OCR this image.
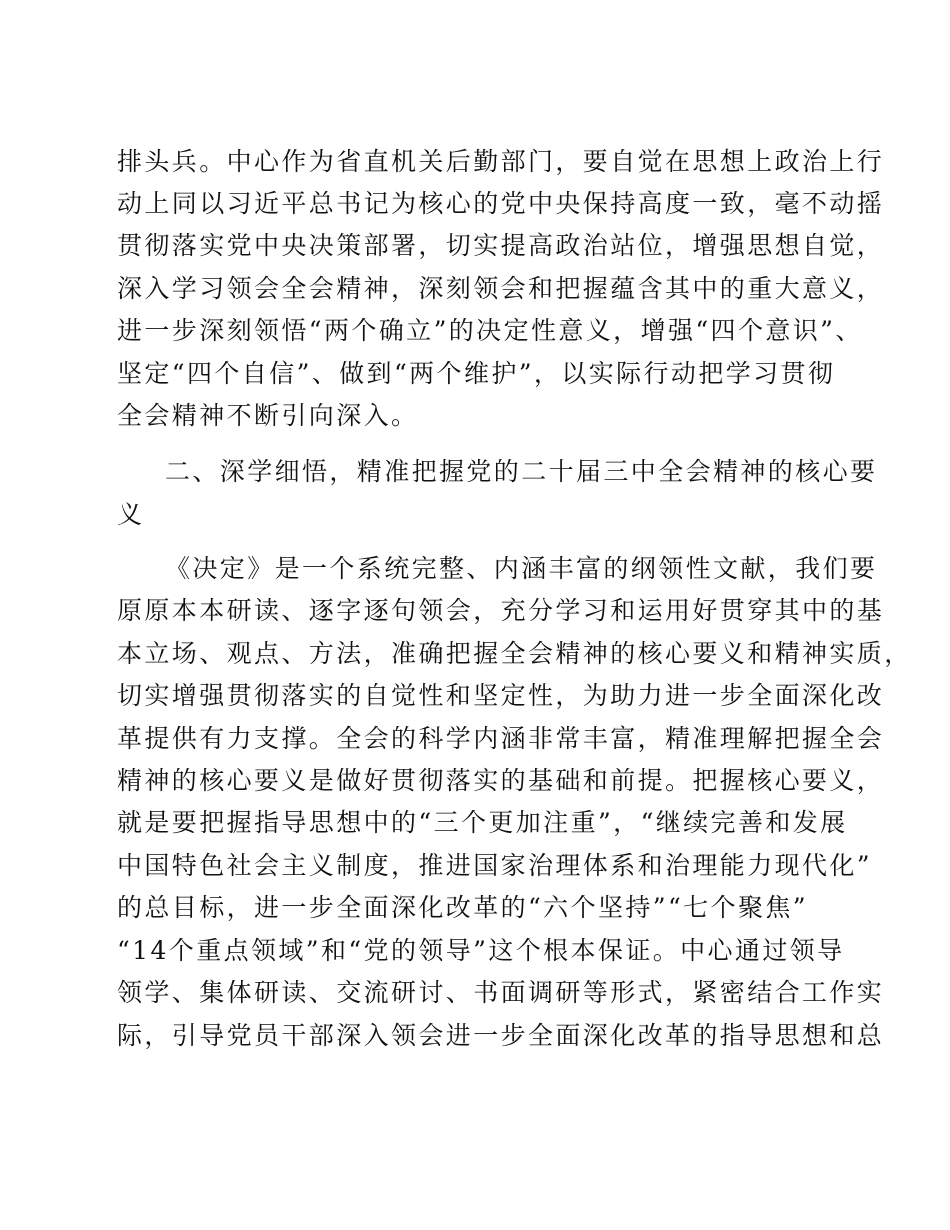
排头兵。中心作为省直机关后勤部门，要自觉在思想上政治上行
动上同以习近平总书记为核心的党中央保持高度一致，毫不动摇
贯彻落实党中央决策部署，切实提高政治站位，增强思想自觉，
深入学习领会全会精神，深刻领会和把握蕴含其中的重大意义，
进一步深刻领悟“两个确立”的决定性意义，增强“四个意识”、
坚定“四个自信”、做到“两个维护”，以实际行动把学习贯彻
全会精神不断引向深入。
二、深学细悟，精准把握党的二十届三中全会精神的核心要
义
《决定》是一个系统完整、内涵丰富的纲领性文献，我们要
原原本本研读、逐字逐句领会，充分学习和运用好贯穿其中的基
本立场、观点、方法，准确把握全会精神的核心要义和精神实质，
切实增强贯彻落实的自觉性和坚定性，为助力进一步全面深化改
革提供有力支撑。全会的科学内涵非常丰富，精准理解把握全会
精神的核心要义是做好贯彻落实的基础和前提。把握核心要义，
就是要把握指导思想中的“三个更加注重”，“继续完善和发展
中国特色社会主义制度，推进国家治理体系和治理能力现代化”
的总目标，进一步全面深化改革的“六个坚持”“七个聚焦”
“14个重点领域”和“党的领导”这个根本保证。中心通过领导
领学、集体研读、交流研讨、书面调研等形式，紧密结合工作实
际，引导党员干部深入领会进一步全面深化改革的指导思想和总
